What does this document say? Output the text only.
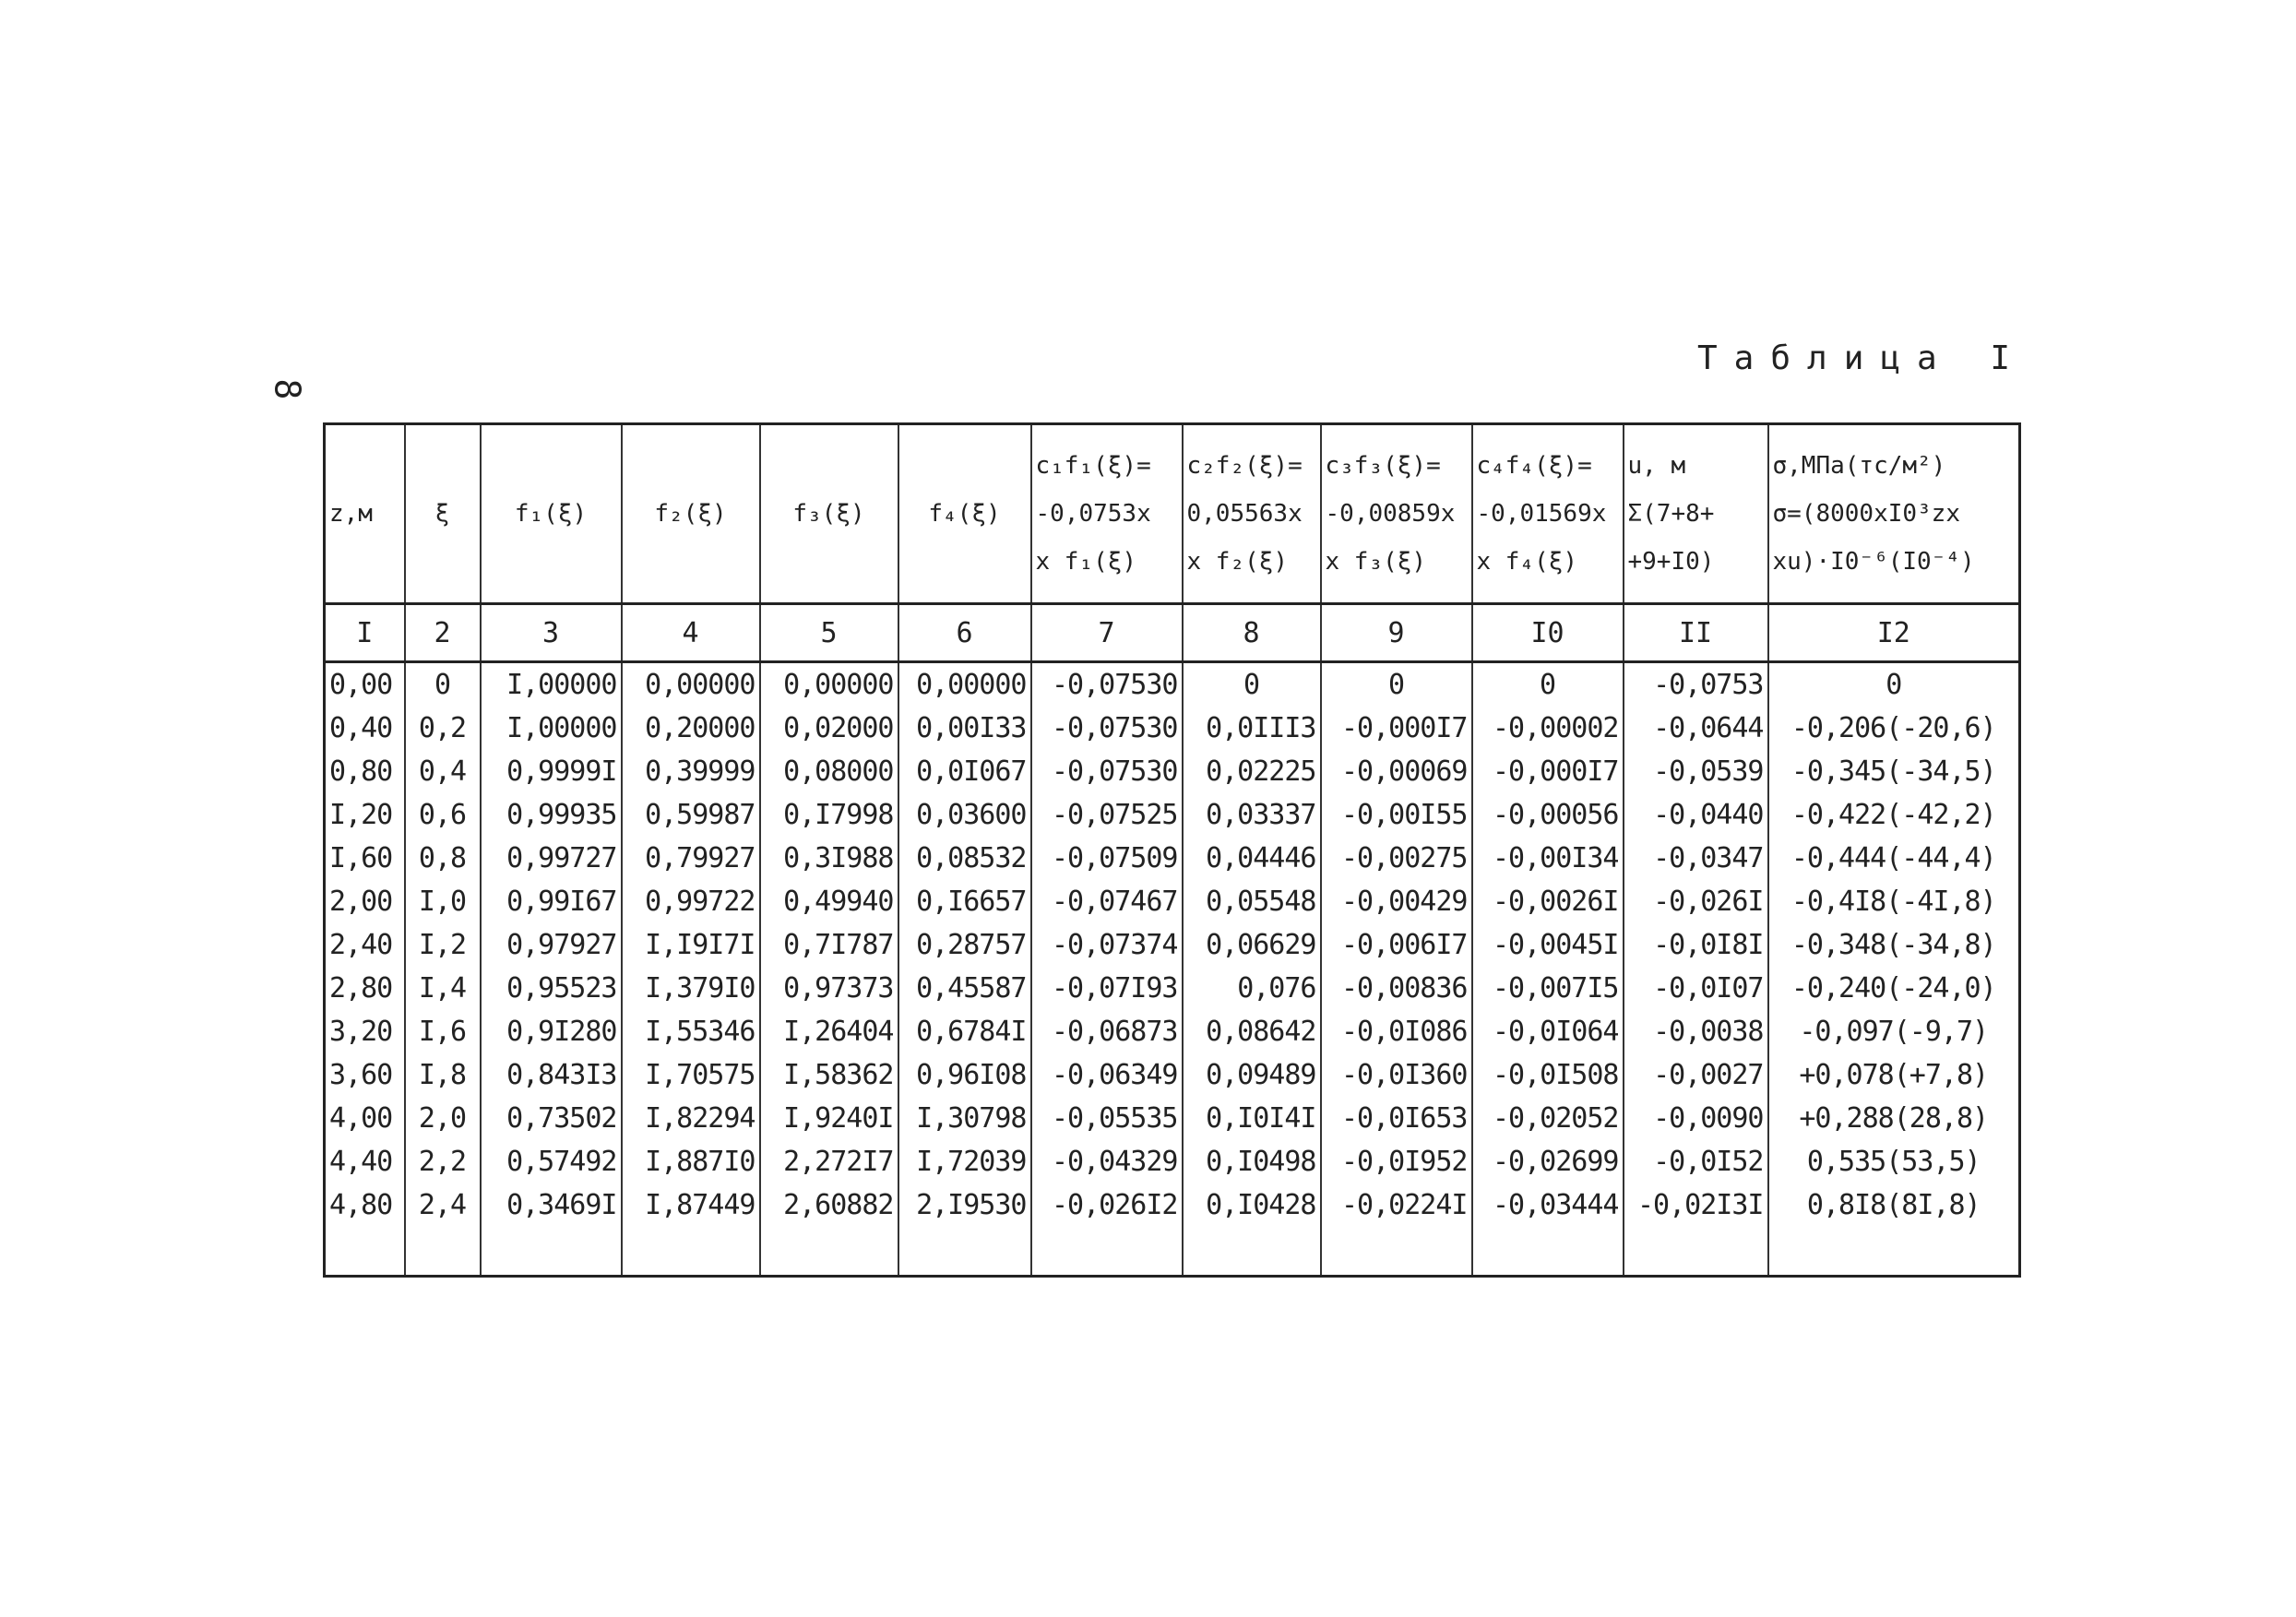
8
Таблица I
z,м	ξ	f₁(ξ)	f₂(ξ)	f₃(ξ)	f₄(ξ)	c₁f₁(ξ)=
-0,0753x
x f₁(ξ)	c₂f₂(ξ)=
0,05563x
x f₂(ξ)	c₃f₃(ξ)=
-0,00859x
x f₃(ξ)	c₄f₄(ξ)=
-0,01569x
x f₄(ξ)	u, м
Σ(7+8+
+9+I0)	σ,МПа(тс/м²)
σ=(8000xI0³zx
xu)·I0⁻⁶(I0⁻⁴)

I	2	3	4	5	6	7	8	9	I0	II	I2
0,00	0	I,00000	0,00000	0,00000	0,00000	-0,07530	0	0	0	-0,0753	0
0,40	0,2	I,00000	0,20000	0,02000	0,00I33	-0,07530	0,0III3	-0,000I7	-0,00002	-0,0644	-0,206(-20,6)
0,80	0,4	0,9999I	0,39999	0,08000	0,0I067	-0,07530	0,02225	-0,00069	-0,000I7	-0,0539	-0,345(-34,5)
I,20	0,6	0,99935	0,59987	0,I7998	0,03600	-0,07525	0,03337	-0,00I55	-0,00056	-0,0440	-0,422(-42,2)
I,60	0,8	0,99727	0,79927	0,3I988	0,08532	-0,07509	0,04446	-0,00275	-0,00I34	-0,0347	-0,444(-44,4)
2,00	I,0	0,99I67	0,99722	0,49940	0,I6657	-0,07467	0,05548	-0,00429	-0,0026I	-0,026I	-0,4I8(-4I,8)
2,40	I,2	0,97927	I,I9I7I	0,7I787	0,28757	-0,07374	0,06629	-0,006I7	-0,0045I	-0,0I8I	-0,348(-34,8)
2,80	I,4	0,95523	I,379I0	0,97373	0,45587	-0,07I93	0,076	-0,00836	-0,007I5	-0,0I07	-0,240(-24,0)
3,20	I,6	0,9I280	I,55346	I,26404	0,6784I	-0,06873	0,08642	-0,0I086	-0,0I064	-0,0038	-0,097(-9,7)
3,60	I,8	0,843I3	I,70575	I,58362	0,96I08	-0,06349	0,09489	-0,0I360	-0,0I508	-0,0027	+0,078(+7,8)
4,00	2,0	0,73502	I,82294	I,9240I	I,30798	-0,05535	0,I0I4I	-0,0I653	-0,02052	-0,0090	+0,288(28,8)
4,40	2,2	0,57492	I,887I0	2,272I7	I,72039	-0,04329	0,I0498	-0,0I952	-0,02699	-0,0I52	0,535(53,5)
4,80	2,4	0,3469I	I,87449	2,60882	2,I9530	-0,026I2	0,I0428	-0,0224I	-0,03444	-0,02I3I	0,8I8(8I,8)
